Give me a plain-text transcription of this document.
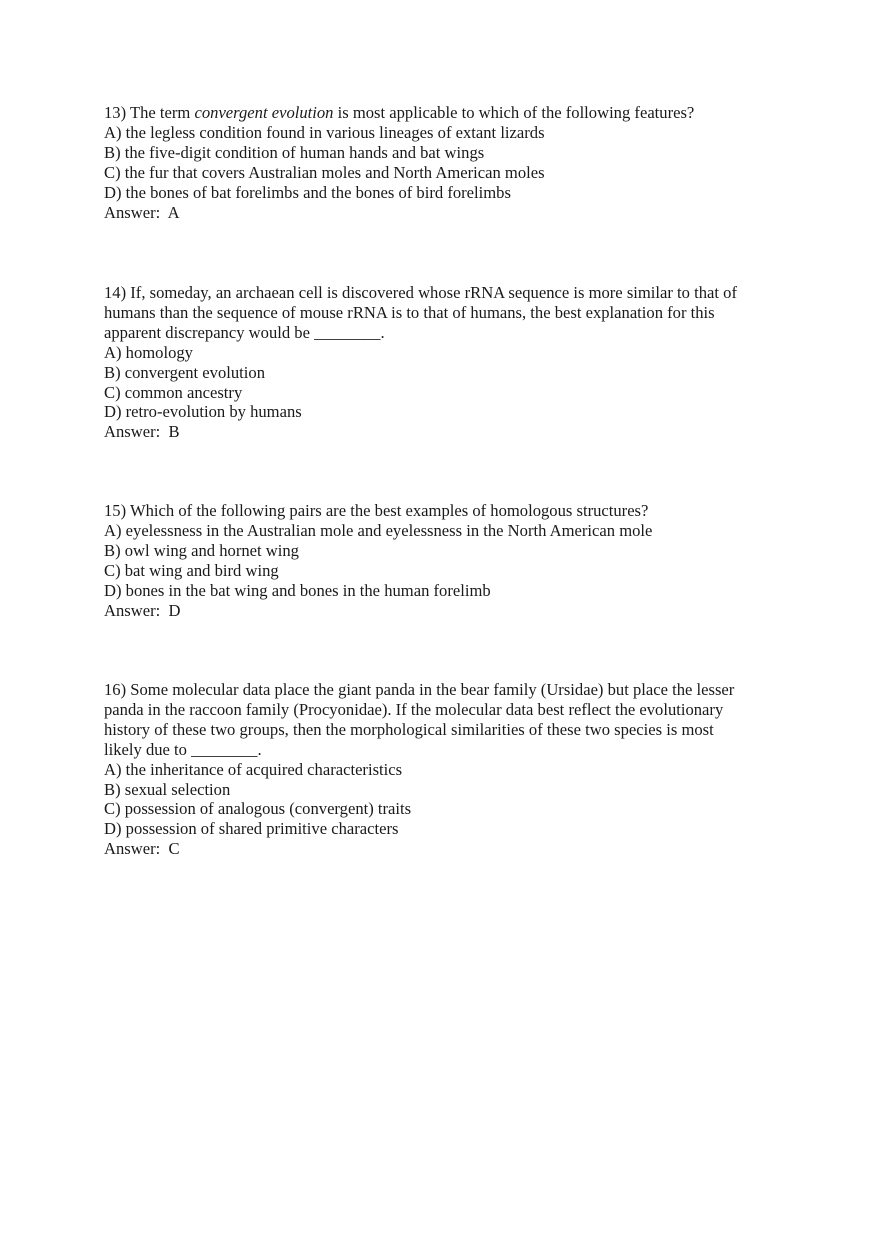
13) The term convergent evolution is most applicable to which of the following features?
A) the legless condition found in various lineages of extant lizards
B) the five-digit condition of human hands and bat wings
C) the fur that covers Australian moles and North American moles
D) the bones of bat forelimbs and the bones of bird forelimbs
Answer:  A
14) If, someday, an archaean cell is discovered whose rRNA sequence is more similar to that of
humans than the sequence of mouse rRNA is to that of humans, the best explanation for this
apparent discrepancy would be ________.
A) homology
B) convergent evolution
C) common ancestry
D) retro-evolution by humans
Answer:  B
15) Which of the following pairs are the best examples of homologous structures?
A) eyelessness in the Australian mole and eyelessness in the North American mole
B) owl wing and hornet wing
C) bat wing and bird wing
D) bones in the bat wing and bones in the human forelimb
Answer:  D
16) Some molecular data place the giant panda in the bear family (Ursidae) but place the lesser
panda in the raccoon family (Procyonidae). If the molecular data best reflect the evolutionary
history of these two groups, then the morphological similarities of these two species is most
likely due to ________.
A) the inheritance of acquired characteristics
B) sexual selection
C) possession of analogous (convergent) traits
D) possession of shared primitive characters
Answer:  C
